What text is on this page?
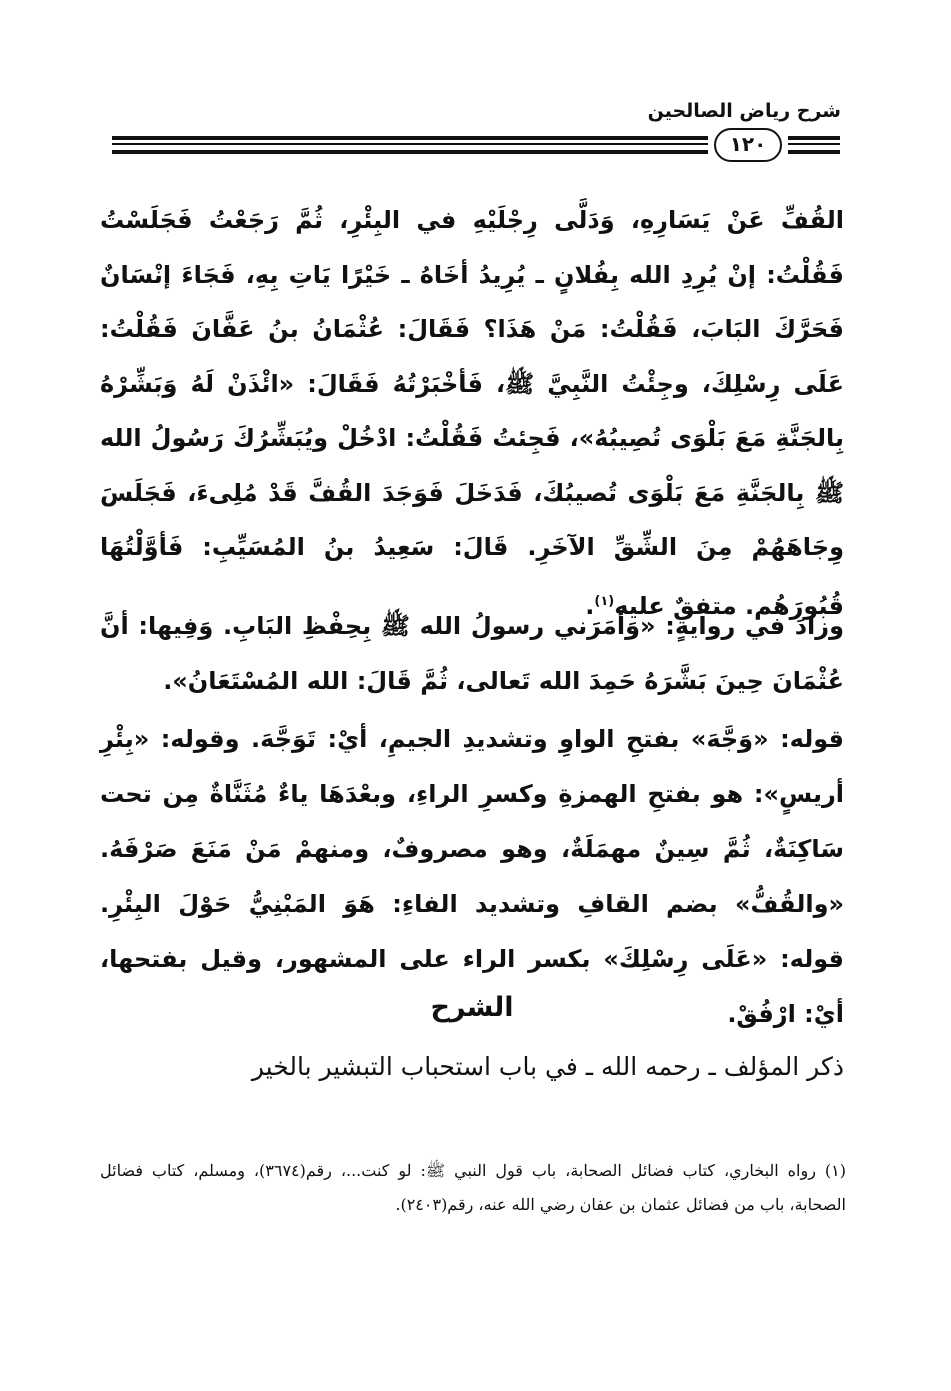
شرح رياض الصالحين
١٢٠

القُفِّ عَنْ يَسَارِهِ، وَدَلَّى رِجْلَيْهِ في البِئْرِ، ثُمَّ رَجَعْتُ فَجَلَسْتُ فَقُلْتُ: إنْ يُرِدِ الله بِفُلانٍ ـ يُرِيدُ أخَاهُ ـ خَيْرًا يَاتِ بِهِ، فَجَاءَ إنْسَانٌ فَحَرَّكَ البَابَ، فَقُلْتُ: مَنْ هَذَا؟ فَقَالَ: عُثْمَانُ بنُ عَفَّانَ فَقُلْتُ: عَلَى رِسْلِكَ، وجِئْتُ النَّبِيَّ ﷺ، فَأخْبَرْتُهُ فَقَالَ: «ائْذَنْ لَهُ وَبَشِّرْهُ بِالجَنَّةِ مَعَ بَلْوَى تُصِيبُهُ»، فَجِئتُ فَقُلْتُ: ادْخُلْ ويُبَشِّرُكَ رَسُولُ الله ﷺ بِالجَنَّةِ مَعَ بَلْوَى تُصيبُكَ، فَدَخَلَ فَوَجَدَ القُفَّ قَدْ مُلِىءَ، فَجَلَسَ وِجَاهَهُمْ مِنَ الشِّقِّ الآخَرِ. قَالَ: سَعِيدُ بنُ المُسَيِّبِ: فَأوَّلْتُهَا قُبُورَهُم. متفقٌ عليه$^{(١)}$.

وزادَ في روايةٍ: «وَأمَرَني رسولُ الله ﷺ بِحِفْظِ البَابِ. وَفِيها: أنَّ عُثْمَانَ حِينَ بَشَّرَهُ حَمِدَ الله تَعالى، ثُمَّ قَالَ: الله المُسْتَعَانُ».

قوله: «وَجَّهَ» بفتحِ الواوِ وتشديدِ الجيمِ، أيْ: تَوَجَّهَ. وقوله: «بِئْرِ أريسٍ»: هو بفتحِ الهمزةِ وكسرِ الراءِ، وبعْدَهَا ياءٌ مُثَنَّاةٌ مِن تحت سَاكِنَةٌ، ثُمَّ سِينٌ مهمَلَةٌ، وهو مصروفٌ، ومنهمْ مَنْ مَنَعَ صَرْفَهُ. «والقُفُّ» بضم القافِ وتشديد الفاءِ: هَوَ المَبْنِيُّ حَوْلَ البِئْرِ. قوله: «عَلَى رِسْلِكَ» بكسر الراء على المشهور، وقيل بفتحها، أيْ: ارْفُقْ.

الشرح

ذكر المؤلف ـ رحمه الله ـ في باب استحباب التبشير بالخير

(١) رواه البخاري، كتاب فضائل الصحابة، باب قول النبي ﷺ: لو كنت...، رقم(٣٦٧٤)، ومسلم، كتاب فضائل الصحابة، باب من فضائل عثمان بن عفان رضي الله عنه، رقم(٢٤٠٣).
